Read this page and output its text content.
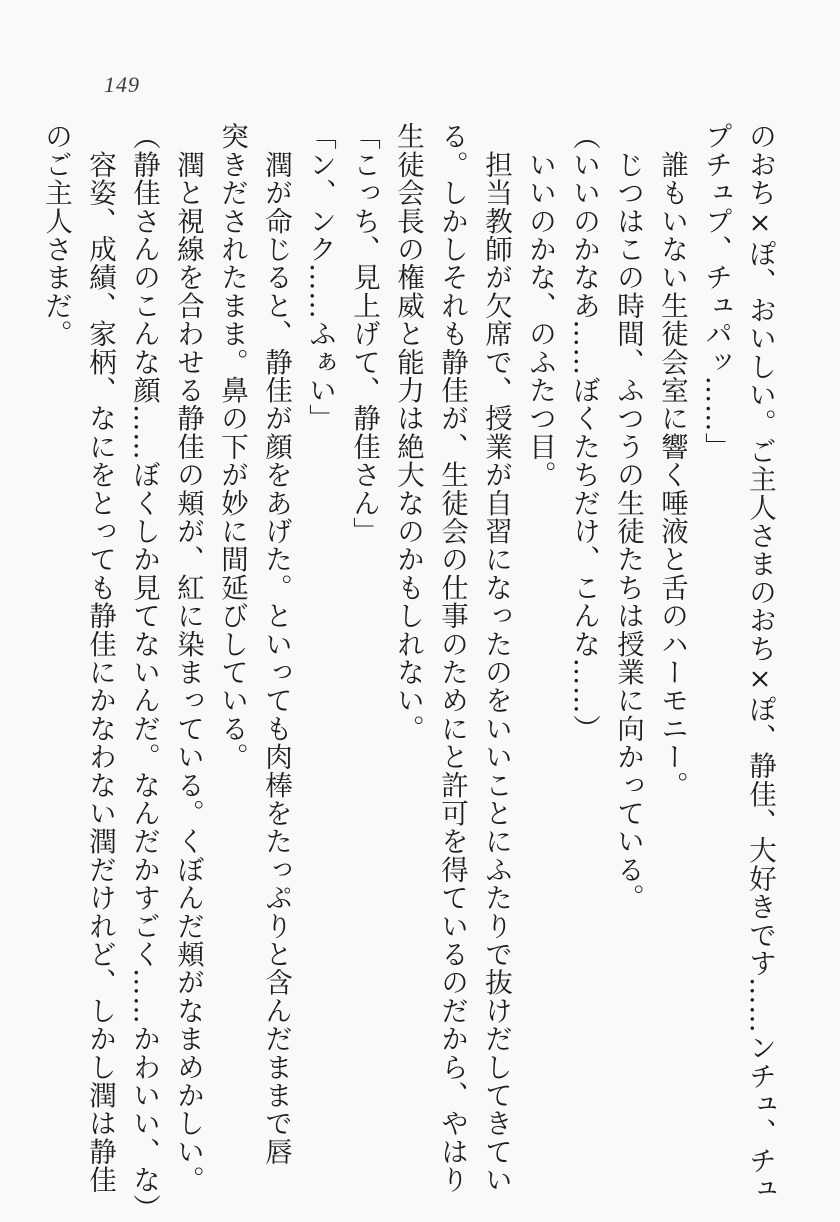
149
のおち×ぽ、おいしい。ご主人さまのおち×ぽ、静佳、大好きです……ンチュ、チュ
プチュプ、チュパッ……」
　誰もいない生徒会室に響く唾液と舌のハーモニー。
　じつはこの時間、ふつうの生徒たちは授業に向かっている。
（いいのかなあ……ぼくたちだけ、こんな……）
　いいのかな、のふたつ目。
　担当教師が欠席で、授業が自習になったのをいいことにふたりで抜けだしてきてい
る。しかしそれも静佳が、生徒会の仕事のためにと許可を得ているのだから、やはり
生徒会長の権威と能力は絶大なのかもしれない。
「こっち、見上げて、静佳さん」
「ン、ンク……ふぁい」
　潤が命じると、静佳が顔をあげた。といっても肉棒をたっぷりと含んだままで唇
突きだされたまま。鼻の下が妙に間延びしている。
　潤と視線を合わせる静佳の頬が、紅に染まっている。くぼんだ頬がなまめかしい。
（静佳さんのこんな顔……ぼくしか見てないんだ。なんだかすごく……かわいい、な）
　容姿、成績、家柄、なにをとっても静佳にかなわない潤だけれど、しかし潤は静佳
のご主人さまだ。
